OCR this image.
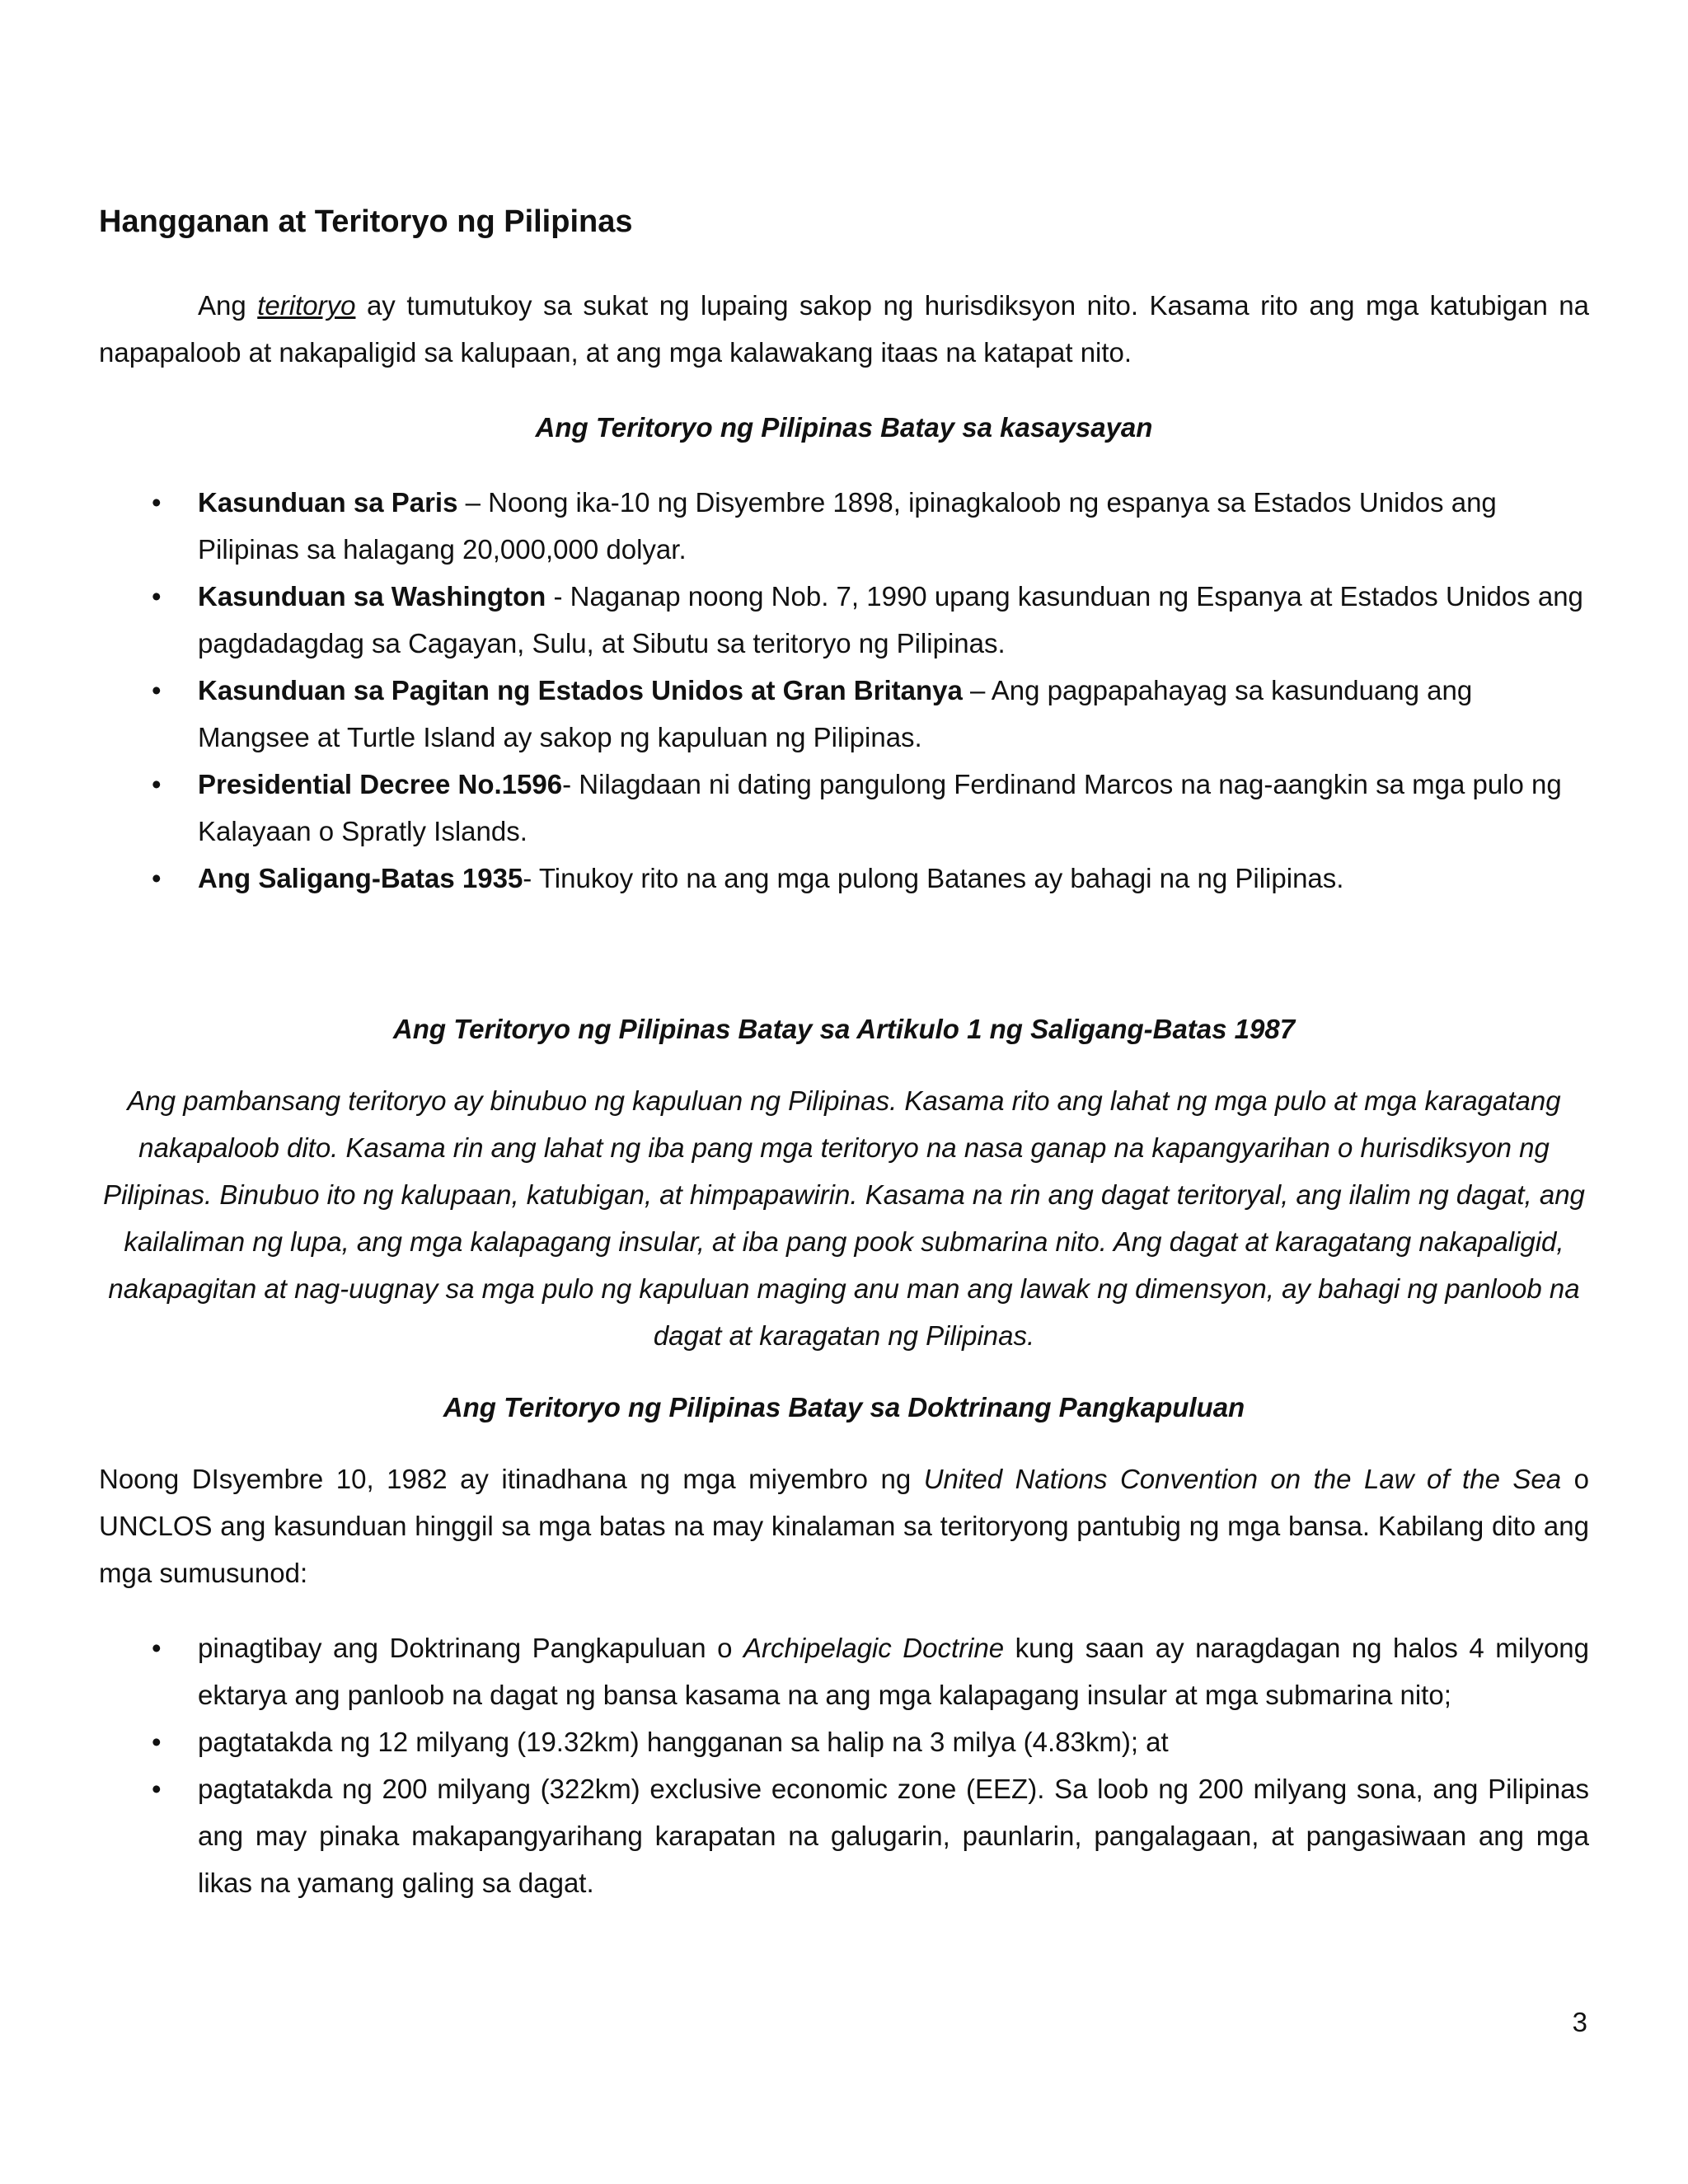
Hangganan at Teritoryo ng Pilipinas

Ang teritoryo ay tumutukoy sa sukat ng lupaing sakop ng hurisdiksyon nito. Kasama rito ang mga katubigan na napapaloob at nakapaligid sa kalupaan, at ang mga kalawakang itaas na katapat nito.

Ang Teritoryo ng Pilipinas Batay sa kasaysayan
• Kasunduan sa Paris – Noong ika-10 ng Disyembre 1898, ipinagkaloob ng espanya sa Estados Unidos ang Pilipinas sa halagang 20,000,000 dolyar.
• Kasunduan sa Washington - Naganap noong Nob. 7, 1990 upang kasunduan ng Espanya at Estados Unidos ang pagdadagdag sa Cagayan, Sulu, at Sibutu sa teritoryo ng Pilipinas.
• Kasunduan sa Pagitan ng Estados Unidos at Gran Britanya – Ang pagpapahayag sa kasunduang ang Mangsee at Turtle Island ay sakop ng kapuluan ng Pilipinas.
• Presidential Decree No.1596- Nilagdaan ni dating pangulong Ferdinand Marcos na nag-aangkin sa mga pulo ng Kalayaan o Spratly Islands.
• Ang Saligang-Batas 1935- Tinukoy rito na ang mga pulong Batanes ay bahagi na ng Pilipinas.
Ang Teritoryo ng Pilipinas Batay sa Artikulo 1 ng Saligang-Batas 1987

Ang pambansang teritoryo ay binubuo ng kapuluan ng Pilipinas. Kasama rito ang lahat ng mga pulo at mga karagatang nakapaloob dito. Kasama rin ang lahat ng iba pang mga teritoryo na nasa ganap na kapangyarihan o hurisdiksyon ng Pilipinas. Binubuo ito ng kalupaan, katubigan, at himpapawirin. Kasama na rin ang dagat teritoryal, ang ilalim ng dagat, ang kailaliman ng lupa, ang mga kalapagang insular, at iba pang pook submarina nito. Ang dagat at karagatang nakapaligid, nakapagitan at nag-uugnay sa mga pulo ng kapuluan maging anu man ang lawak ng dimensyon, ay bahagi ng panloob na dagat at karagatan ng Pilipinas.

Ang Teritoryo ng Pilipinas Batay sa Doktrinang Pangkapuluan

Noong DIsyembre 10, 1982 ay itinadhana ng mga miyembro ng United Nations Convention on the Law of the Sea o UNCLOS ang kasunduan hinggil sa mga batas na may kinalaman sa teritoryong pantubig ng mga bansa. Kabilang dito ang mga sumusunod:

• pinagtibay ang Doktrinang Pangkapuluan o Archipelagic Doctrine kung saan ay naragdagan ng halos 4 milyong ektarya ang panloob na dagat ng bansa kasama na ang mga kalapagang insular at mga submarina nito;
• pagtatakda ng 12 milyang (19.32km) hangganan sa halip na 3 milya (4.83km); at
• pagtatakda ng 200 milyang (322km) exclusive economic zone (EEZ). Sa loob ng 200 milyang sona, ang Pilipinas ang may pinaka makapangyarihang karapatan na galugarin, paunlarin, pangalagaan, at pangasiwaan ang mga likas na yamang galing sa dagat.
3
